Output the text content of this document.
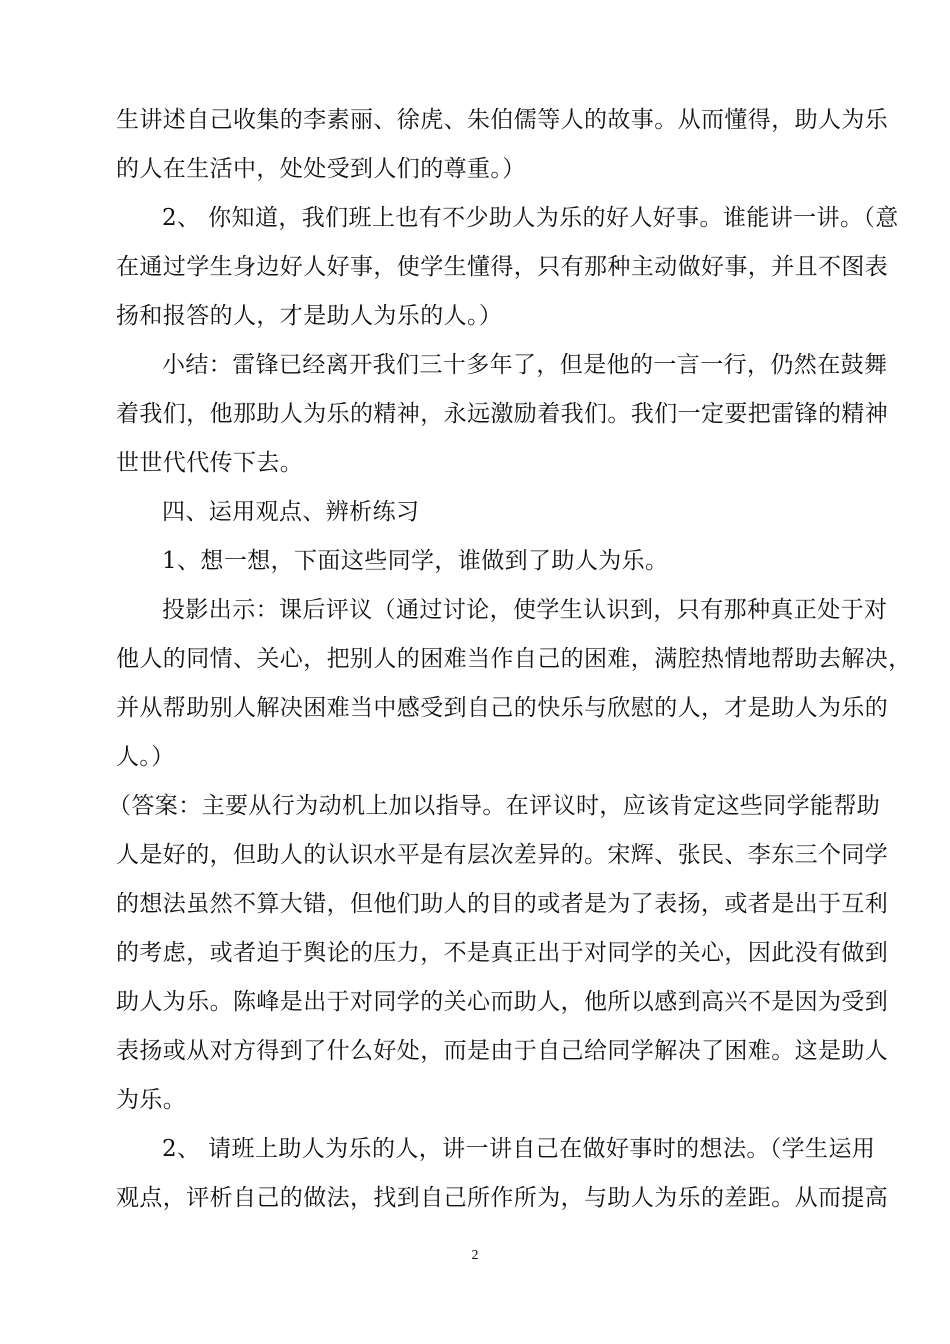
生讲述自己收集的李素丽、徐虎、朱伯儒等人的故事。从而懂得，助人为乐
的人在生活中，处处受到人们的尊重。）
2、 你知道，我们班上也有不少助人为乐的好人好事。谁能讲一讲。（意
在通过学生身边好人好事，使学生懂得，只有那种主动做好事，并且不图表
扬和报答的人，才是助人为乐的人。）
小结：雷锋已经离开我们三十多年了，但是他的一言一行，仍然在鼓舞
着我们，他那助人为乐的精神，永远激励着我们。我们一定要把雷锋的精神
世世代代传下去。
四、运用观点、辨析练习
1、想一想，下面这些同学，谁做到了助人为乐。
投影出示：课后评议（通过讨论，使学生认识到，只有那种真正处于对
他人的同情、关心，把别人的困难当作自己的困难，满腔热情地帮助去解决，
并从帮助别人解决困难当中感受到自己的快乐与欣慰的人，才是助人为乐的
人。）
（答案：主要从行为动机上加以指导。在评议时，应该肯定这些同学能帮助
人是好的，但助人的认识水平是有层次差异的。宋辉、张民、李东三个同学
的想法虽然不算大错，但他们助人的目的或者是为了表扬，或者是出于互利
的考虑，或者迫于舆论的压力，不是真正出于对同学的关心，因此没有做到
助人为乐。陈峰是出于对同学的关心而助人，他所以感到高兴不是因为受到
表扬或从对方得到了什么好处，而是由于自己给同学解决了困难。这是助人
为乐。
2、 请班上助人为乐的人，讲一讲自己在做好事时的想法。（学生运用
观点，评析自己的做法，找到自己所作所为，与助人为乐的差距。从而提高
2
